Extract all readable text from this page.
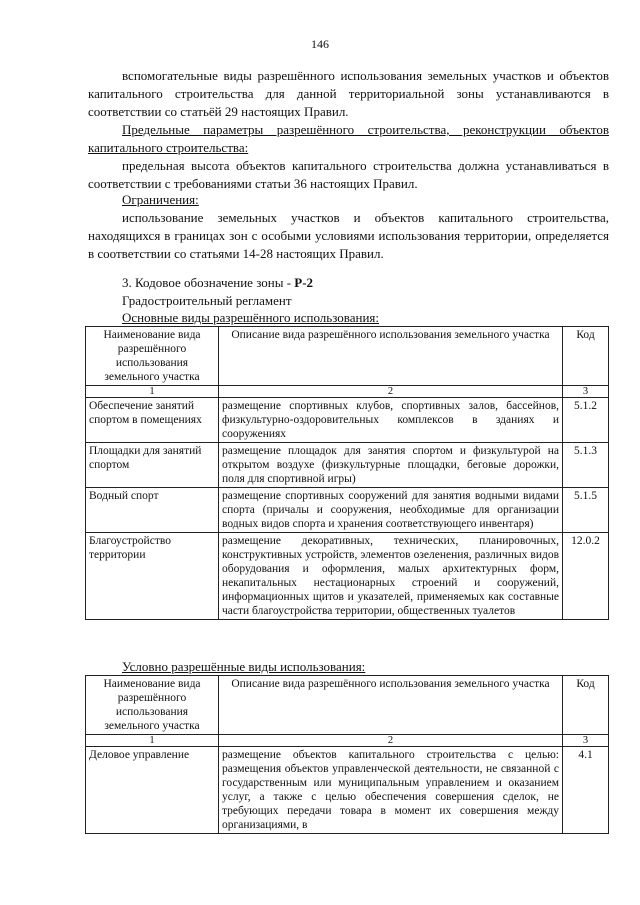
146
вспомогательные виды разрешённого использования земельных участков и объектов капитального строительства для данной территориальной зоны устанавливаются в соответствии со статьёй 29 настоящих Правил.
Предельные параметры разрешённого строительства, реконструкции объектов капитального строительства:
предельная высота объектов капитального строительства должна устанавливаться в соответствии с требованиями статьи 36 настоящих Правил.
Ограничения:
использование земельных участков и объектов капитального строительства, находящихся в границах зон с особыми условиями использования территории, определяется в соответствии со статьями 14-28 настоящих Правил.
3. Кодовое обозначение зоны - Р-2
Градостроительный регламент
Основные виды разрешённого использования:
Наименование вида разрешённого использования земельного участка	Описание вида разрешённого использования земельного участка	Код
1	2	3
Обеспечение занятий спортом в помещениях	размещение спортивных клубов, спортивных залов, бассейнов, физкультурно-оздоровительных комплексов в зданиях и сооружениях	5.1.2
Площадки для занятий спортом	размещение площадок для занятия спортом и физкультурой на открытом воздухе (физкультурные площадки, беговые дорожки, поля для спортивной игры)	5.1.3
Водный спорт	размещение спортивных сооружений для занятия водными видами спорта (причалы и сооружения, необходимые для организации водных видов спорта и хранения соответствующего инвентаря)	5.1.5
Благоустройство территории	размещение декоративных, технических, планировочных, конструктивных устройств, элементов озеленения, различных видов оборудования и оформления, малых архитектурных форм, некапитальных нестационарных строений и сооружений, информационных щитов и указателей, применяемых как составные части благоустройства территории, общественных туалетов	12.0.2
Условно разрешённые виды использования:
Наименование вида разрешённого использования земельного участка	Описание вида разрешённого использования земельного участка	Код
1	2	3
Деловое управление	размещение объектов капитального строительства с целью: размещения объектов управленческой деятельности, не связанной с государственным или муниципальным управлением и оказанием услуг, а также с целью обеспечения совершения сделок, не требующих передачи товара в момент их совершения между организациями, в	4.1
